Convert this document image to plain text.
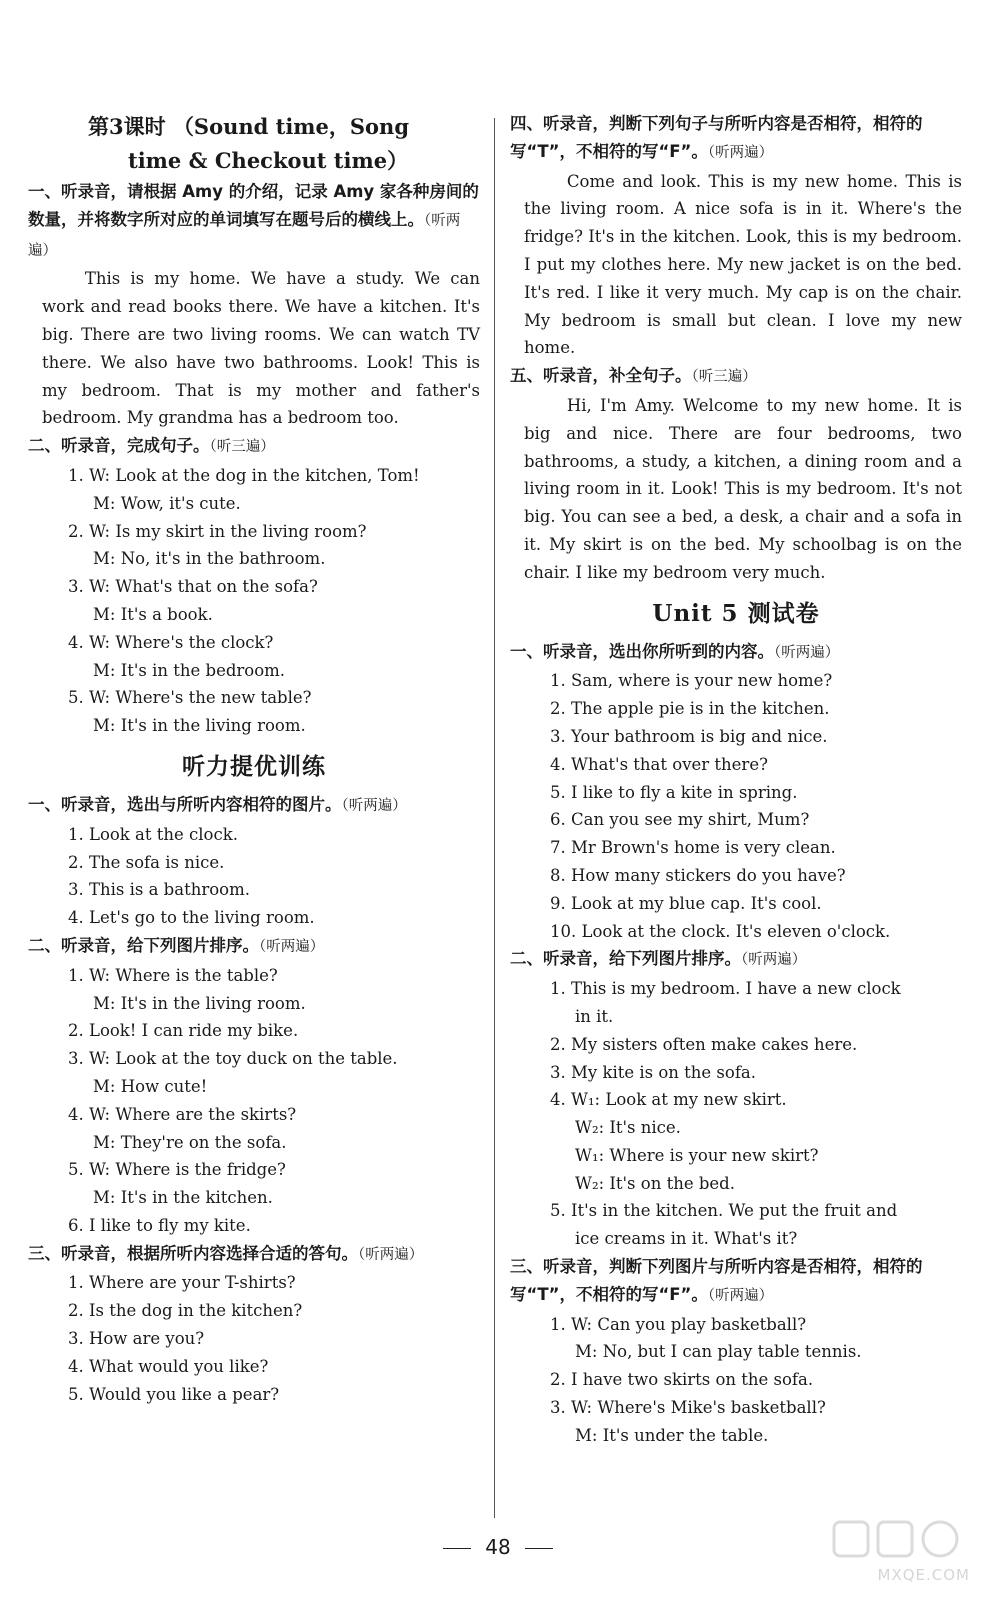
第3课时 （Sound time，Song
time & Checkout time）

一、听录音，请根据 Amy 的介绍，记录 Amy 家各种房间的数量，并将数字所对应的单词填写在题号后的横线上。（听两遍）

This is my home. We have a study. We can work and read books there. We have a kitchen. It's big. There are two living rooms. We can watch TV there. We also have two bathrooms. Look! This is my bedroom. That is my mother and father's bedroom. My grandma has a bedroom too.

二、听录音，完成句子。（听三遍）

1. W: Look at the dog in the kitchen, Tom!
M: Wow, it's cute.
2. W: Is my skirt in the living room?
M: No, it's in the bathroom.
3. W: What's that on the sofa?
M: It's a book.
4. W: Where's the clock?
M: It's in the bedroom.
5. W: Where's the new table?
M: It's in the living room.
听力提优训练

一、听录音，选出与所听内容相符的图片。（听两遍）

1. Look at the clock.
2. The sofa is nice.
3. This is a bathroom.
4. Let's go to the living room.

二、听录音，给下列图片排序。（听两遍）

1. W: Where is the table?
M: It's in the living room.
2. Look! I can ride my bike.
3. W: Look at the toy duck on the table.
M: How cute!
4. W: Where are the skirts?
M: They're on the sofa.
5. W: Where is the fridge?
M: It's in the kitchen.
6. I like to fly my kite.

三、听录音，根据所听内容选择合适的答句。（听两遍）

1. Where are your T-shirts?
2. Is the dog in the kitchen?
3. How are you?
4. What would you like?
5. Would you like a pear?

四、听录音，判断下列句子与所听内容是否相符，相符的写“T”，不相符的写“F”。（听两遍）

Come and look. This is my new home. This is the living room. A nice sofa is in it. Where's the fridge? It's in the kitchen. Look, this is my bedroom. I put my clothes here. My new jacket is on the bed. It's red. I like it very much. My cap is on the chair. My bedroom is small but clean. I love my new home.

五、听录音，补全句子。（听三遍）

Hi, I'm Amy. Welcome to my new home. It is big and nice. There are four bedrooms, two bathrooms, a study, a kitchen, a dining room and a living room in it. Look! This is my bedroom. It's not big. You can see a bed, a desk, a chair and a sofa in it. My skirt is on the bed. My schoolbag is on the chair. I like my bedroom very much.

Unit 5 测试卷

一、听录音，选出你所听到的内容。（听两遍）

1. Sam, where is your new home?
2. The apple pie is in the kitchen.
3. Your bathroom is big and nice.
4. What's that over there?
5. I like to fly a kite in spring.
6. Can you see my shirt, Mum?
7. Mr Brown's home is very clean.
8. How many stickers do you have?
9. Look at my blue cap. It's cool.
10. Look at the clock. It's eleven o'clock.

二、听录音，给下列图片排序。（听两遍）

1. This is my bedroom. I have a new clock
in it.
2. My sisters often make cakes here.
3. My kite is on the sofa.
4. W₁: Look at my new skirt.
W₂: It's nice.
W₁: Where is your new skirt?
W₂: It's on the bed.
5. It's in the kitchen. We put the fruit and
ice creams in it. What's it?

三、听录音，判断下列图片与所听内容是否相符，相符的写“T”，不相符的写“F”。（听两遍）

1. W: Can you play basketball?
M: No, but I can play table tennis.
2. I have two skirts on the sofa.
3. W: Where's Mike's basketball?
M: It's under the table.
48
MXQE.COM
